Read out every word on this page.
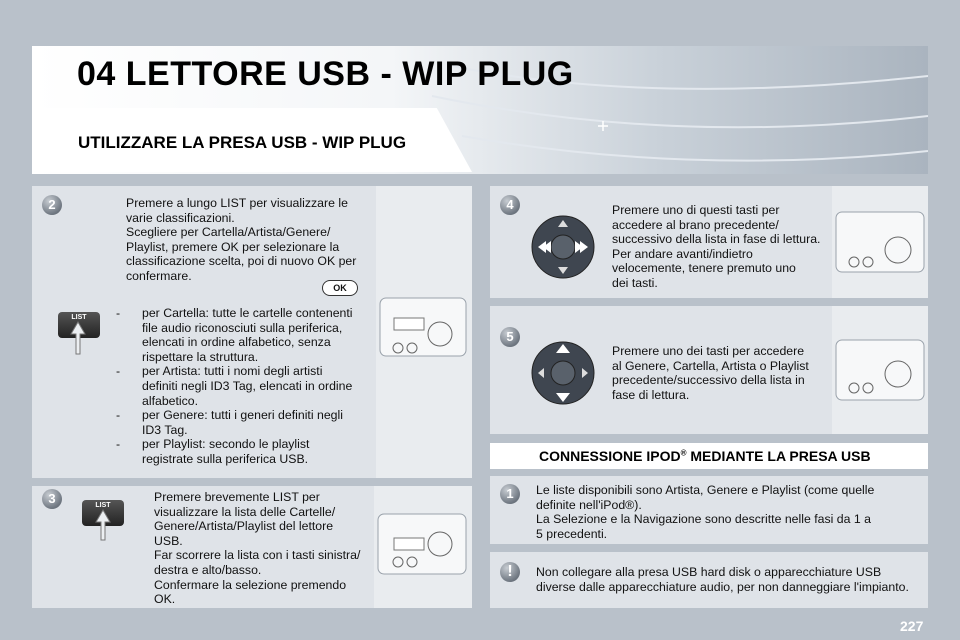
04 LETTORE USB - WIP PLUG
UTILIZZARE LA PRESA USB - WIP PLUG
2	Premere a lungo LIST per visualizzare le

varie classificazioni.

Scegliere per Cartella/Artista/Genere/

Playlist, premere OK per selezionare la

classificazione scelta, poi di nuovo OK per

confermare.

OK
LIST

-	per Cartella: tutte le cartelle contenenti

file audio riconosciuti sulla periferica,

elencati in ordine alfabetico, senza

rispettare la struttura.

- per Artista: tutti i nomi degli artisti

definiti negli ID3 Tag, elencati in ordine

alfabetico.

- per Genere: tutti i generi definiti negli

ID3 Tag.

- per Playlist: secondo le playlist

registrate sulla periferica USB.

3	LIST

Premere brevemente LIST per

visualizzare la lista delle Cartelle/

Genere/Artista/Playlist del lettore

USB.

Far scorrere la lista con i tasti sinistra/

destra e alto/basso.

Confermare la selezione premendo

OK.

4	Premere uno di questi tasti per

accedere al brano precedente/

successivo della lista in fase di lettura.

Per andare avanti/indietro

velocemente, tenere premuto uno

dei tasti.

5

Premere uno dei tasti per accedere

al Genere, Cartella, Artista o Playlist

precedente/successivo della lista in

fase di lettura.

CONNESSIONE IPOD® MEDIANTE LA PRESA USB
1	Le liste disponibili sono Artista, Genere e Playlist (come quelle

definite nell'iPod®).

La Selezione e la Navigazione sono descritte nelle fasi da 1 a

5 precedenti.

!	Non collegare alla presa USB hard disk o apparecchiature USB

diverse dalle apparecchiature audio, per non danneggiare l'impianto.

227
